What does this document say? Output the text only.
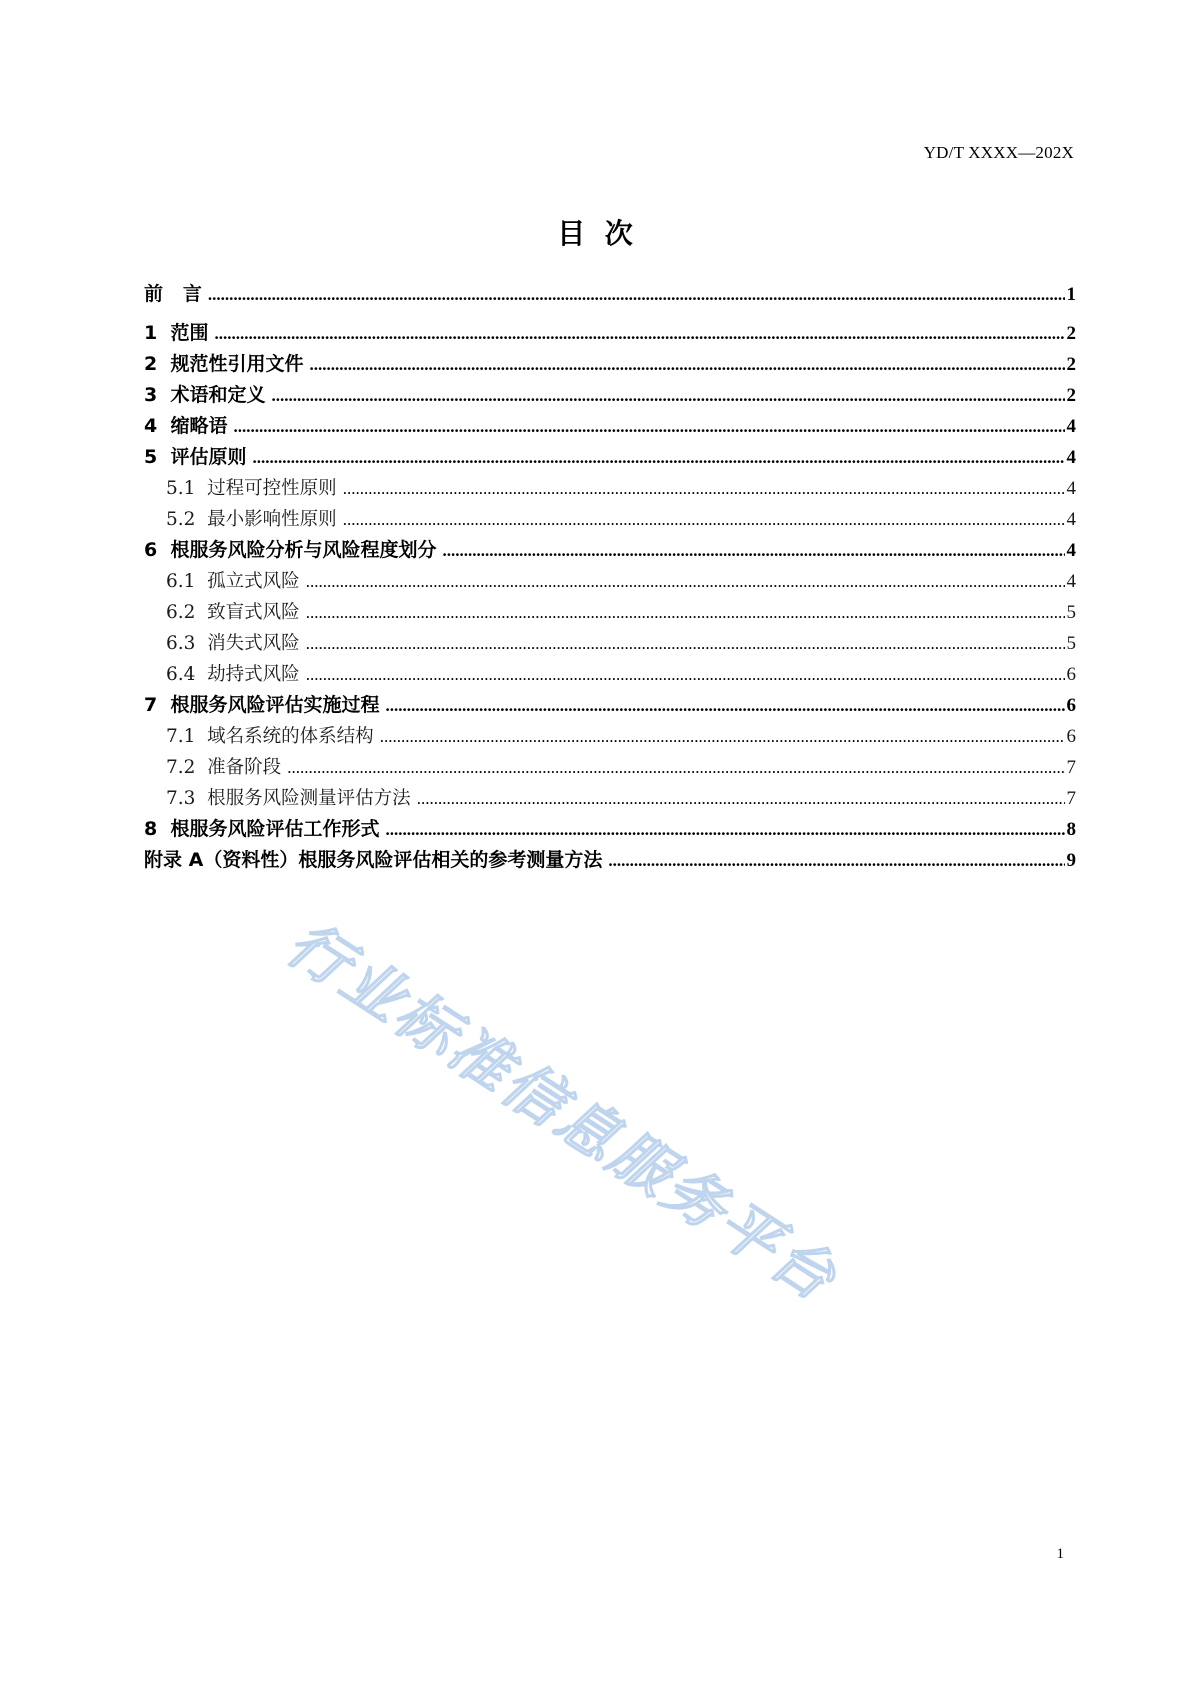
YD/T XXXX—202X
目  次
前   言 .....	1
1  范围 .....	2
2  规范性引用文件 .....	2
3  术语和定义 .....	2
4  缩略语 .....	4
5  评估原则 .....	4
5.1  过程可控性原则 .....	4
5.2  最小影响性原则 .....	4
6  根服务风险分析与风险程度划分 .....	4
6.1  孤立式风险 .....	4
6.2  致盲式风险 .....	5
6.3  消失式风险 .....	5
6.4  劫持式风险 .....	6
7  根服务风险评估实施过程 .....	6
7.1  域名系统的体系结构 .....	6
7.2  准备阶段 .....	7
7.3  根服务风险测量评估方法 .....	7
8  根服务风险评估工作形式 .....	8
附录 A（资料性）根服务风险评估相关的参考测量方法 .....	9
行业标准信息服务平台
1
